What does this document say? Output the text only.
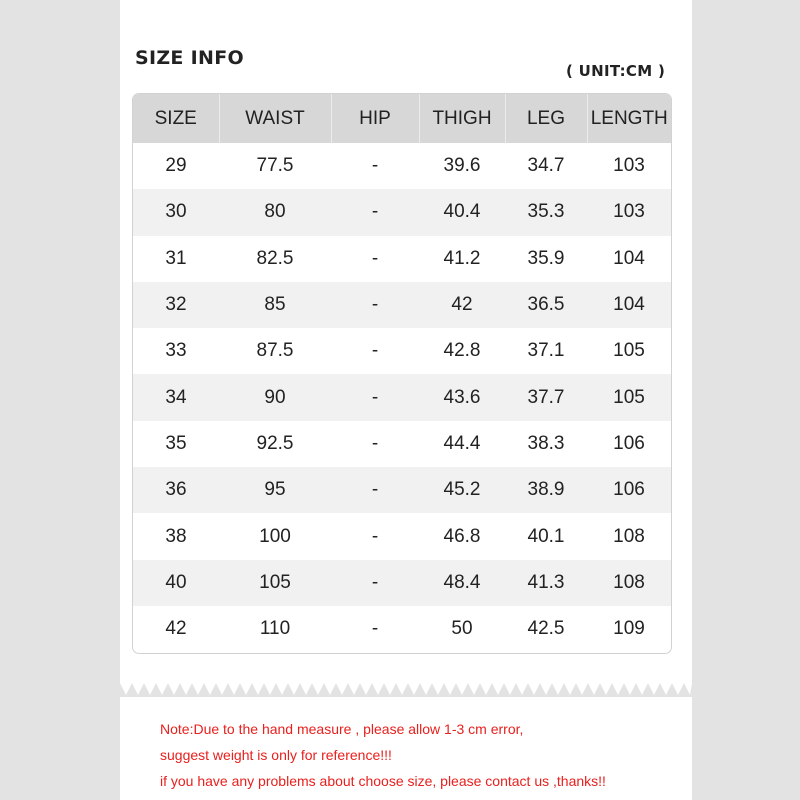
SIZE INFO
( UNIT:CM )
SIZE	WAIST	HIP	THIGH	LEG	LENGTH
29	77.5	-	39.6	34.7	103
30	80	-	40.4	35.3	103
31	82.5	-	41.2	35.9	104
32	85	-	42	36.5	104
33	87.5	-	42.8	37.1	105
34	90	-	43.6	37.7	105
35	92.5	-	44.4	38.3	106
36	95	-	45.2	38.9	106
38	100	-	46.8	40.1	108
40	105	-	48.4	41.3	108
42	110	-	50	42.5	109
Note:Due to the hand measure , please allow 1-3 cm error,
suggest weight is only for reference!!!
if you have any problems about choose size, please contact us ,thanks!!
